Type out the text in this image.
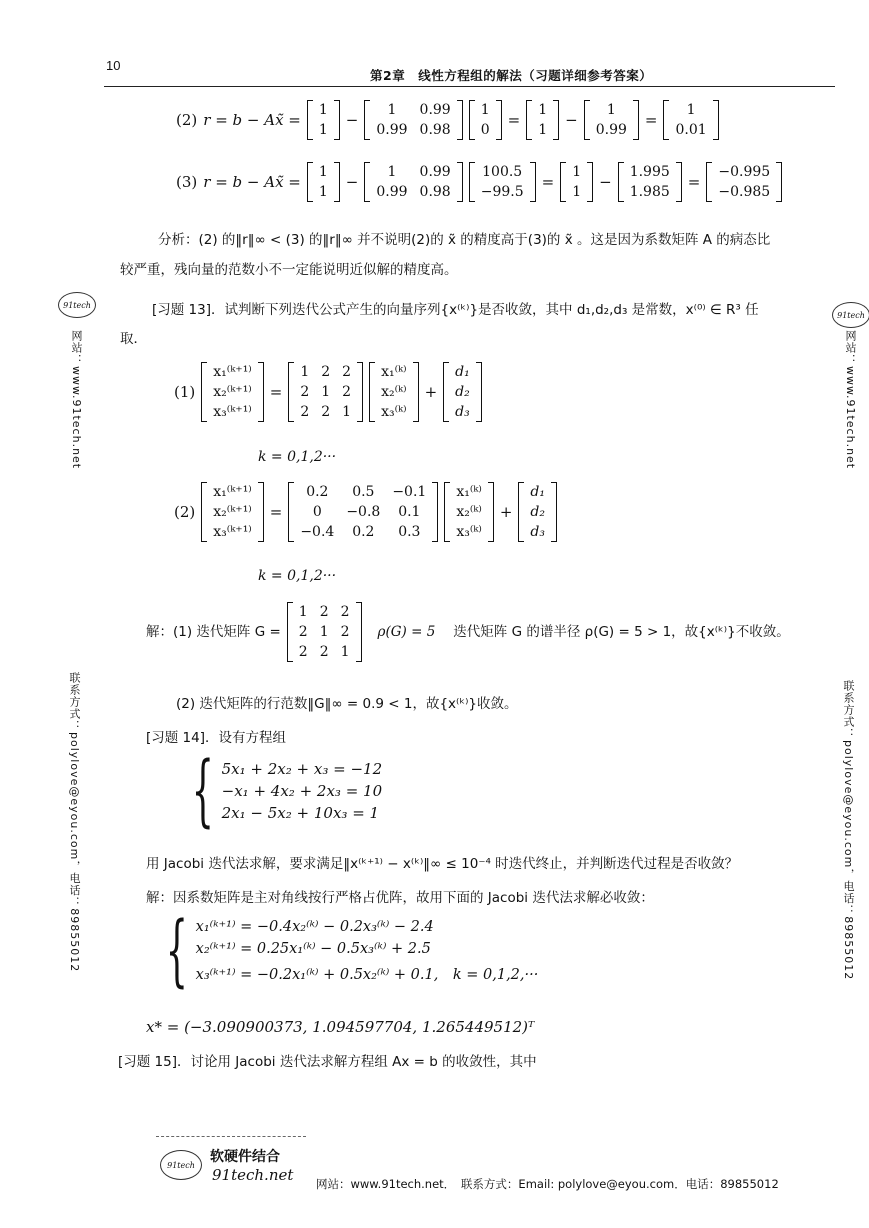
10
第2章　线性方程组的解法（习题详细参考答案）
(2) r = b − Ax̃ =
1
1
−
1	0.99
0.99	0.98
1
0
=
1
1
−
1
0.99
=
1
0.01
(3) r = b − Ax̃ =
1
1
−
1	0.99
0.99	0.98
100.5
−99.5
=
1
1
−
1.995
1.985
=
−0.995
−0.985
分析：(2) 的‖r‖∞ < (3) 的‖r‖∞ 并不说明(2)的 x̃ 的精度高于(3)的 x̃ 。这是因为系数矩阵 A 的病态比
较严重，残向量的范数小不一定能说明近似解的精度高。
[习题 13]．试判断下列迭代公式产生的向量序列{x⁽ᵏ⁾}是否收敛，其中 d₁,d₂,d₃ 是常数，x⁽⁰⁾ ∈ R³ 任
取．
(1)
x₁⁽ᵏ⁺¹⁾
x₂⁽ᵏ⁺¹⁾
x₃⁽ᵏ⁺¹⁾
=
1	2	2
2	1	2
2	2	1
x₁⁽ᵏ⁾
x₂⁽ᵏ⁾
x₃⁽ᵏ⁾
+
d₁
d₂
d₃
k = 0,1,2···
(2)
x₁⁽ᵏ⁺¹⁾
x₂⁽ᵏ⁺¹⁾
x₃⁽ᵏ⁺¹⁾
=
0.2	0.5	−0.1
0	−0.8	0.1
−0.4	0.2	0.3
x₁⁽ᵏ⁾
x₂⁽ᵏ⁾
x₃⁽ᵏ⁾
+
d₁
d₂
d₃
k = 0,1,2···
解：(1) 迭代矩阵 G =
1	2	2
2	1	2
2	2	1
ρ(G) = 5 迭代矩阵 G 的谱半径 ρ(G) = 5 > 1，故{x⁽ᵏ⁾}不收敛。
(2) 迭代矩阵的行范数‖G‖∞ = 0.9 < 1，故{x⁽ᵏ⁾}收敛。
[习题 14]．设有方程组
{ 5x₁ + 2x₂ + x₃ = −12
−x₁ + 4x₂ + 2x₃ = 10
2x₁ − 5x₂ + 10x₃ = 1
用 Jacobi 迭代法求解，要求满足‖x⁽ᵏ⁺¹⁾ − x⁽ᵏ⁾‖∞ ≤ 10⁻⁴ 时迭代终止，并判断迭代过程是否收敛？
解：因系数矩阵是主对角线按行严格占优阵，故用下面的 Jacobi 迭代法求解必收敛：
{ x₁⁽ᵏ⁺¹⁾ = −0.4x₂⁽ᵏ⁾ − 0.2x₃⁽ᵏ⁾ − 2.4
x₂⁽ᵏ⁺¹⁾ = 0.25x₁⁽ᵏ⁾ − 0.5x₃⁽ᵏ⁾ + 2.5
x₃⁽ᵏ⁺¹⁾ = −0.2x₁⁽ᵏ⁾ + 0.5x₂⁽ᵏ⁾ + 0.1,　k = 0,1,2,···
x* = (−3.090900373, 1.094597704, 1.265449512)ᵀ
[习题 15]．讨论用 Jacobi 迭代法求解方程组 Ax = b 的收敛性，其中
91tech
网站：www.91tech.net
联系方式：polylove@eyou.com，电话：89855012
91tech
网站：www.91tech.net
联系方式：polylove@eyou.com，电话：89855012
91tech	软硬件结合
91tech.net 网站：www.91tech.net．　联系方式：Email: polylove@eyou.com．电话：89855012
